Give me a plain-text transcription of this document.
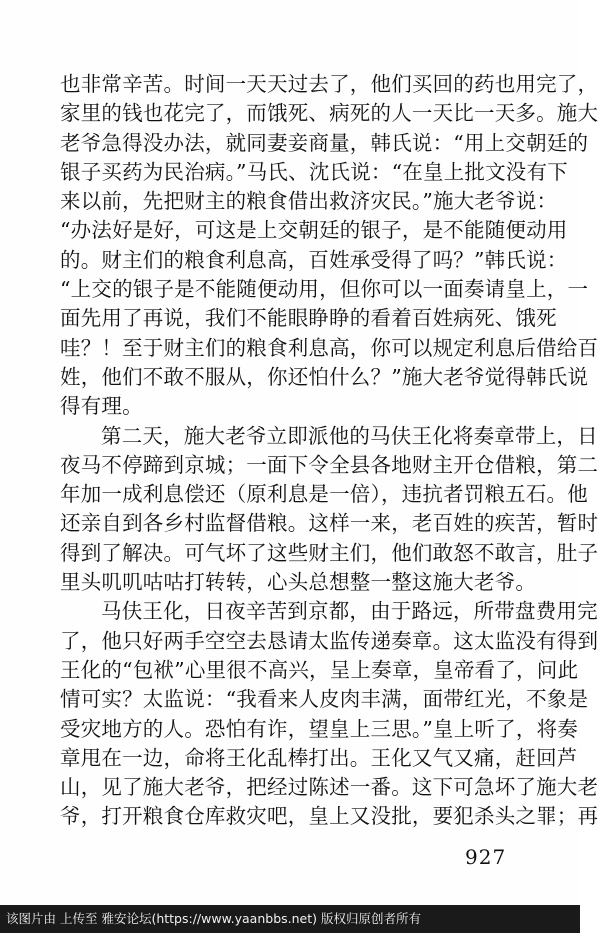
也非常辛苦。时间一天天过去了，他们买回的药也用完了，
家里的钱也花完了，而饿死、病死的人一天比一天多。施大
老爷急得没办法，就同妻妾商量，韩氏说：“用上交朝廷的
银子买药为民治病。”马氏、沈氏说：“在皇上批文没有下
来以前，先把财主的粮食借出救济灾民。”施大老爷说：
“办法好是好，可这是上交朝廷的银子，是不能随便动用
的。财主们的粮食利息高，百姓承受得了吗？”韩氏说：
“上交的银子是不能随便动用，但你可以一面奏请皇上，一
面先用了再说，我们不能眼睁睁的看着百姓病死、饿死
哇？！至于财主们的粮食利息高，你可以规定利息后借给百
姓，他们不敢不服从，你还怕什么？”施大老爷觉得韩氏说
得有理。
第二天，施大老爷立即派他的马伕王化将奏章带上，日
夜马不停蹄到京城；一面下令全县各地财主开仓借粮，第二
年加一成利息偿还（原利息是一倍），违抗者罚粮五石。他
还亲自到各乡村监督借粮。这样一来，老百姓的疾苦，暂时
得到了解决。可气坏了这些财主们，他们敢怒不敢言，肚子
里头叽叽咕咕打转转，心头总想整一整这施大老爷。
马伕王化，日夜辛苦到京都，由于路远，所带盘费用完
了，他只好两手空空去恳请太监传递奏章。这太监没有得到
王化的“包袱”心里很不高兴，呈上奏章，皇帝看了，问此
情可实？太监说：“我看来人皮肉丰满，面带红光，不象是
受灾地方的人。恐怕有诈，望皇上三思。”皇上听了，将奏
章甩在一边，命将王化乱棒打出。王化又气又痛，赶回芦
山，见了施大老爷，把经过陈述一番。这下可急坏了施大老
爷，打开粮食仓库救灾吧，皇上又没批，要犯杀头之罪；再
927
该图片由 上传至 雅安论坛(https://www.yaanbbs.net) 版权归原创者所有
